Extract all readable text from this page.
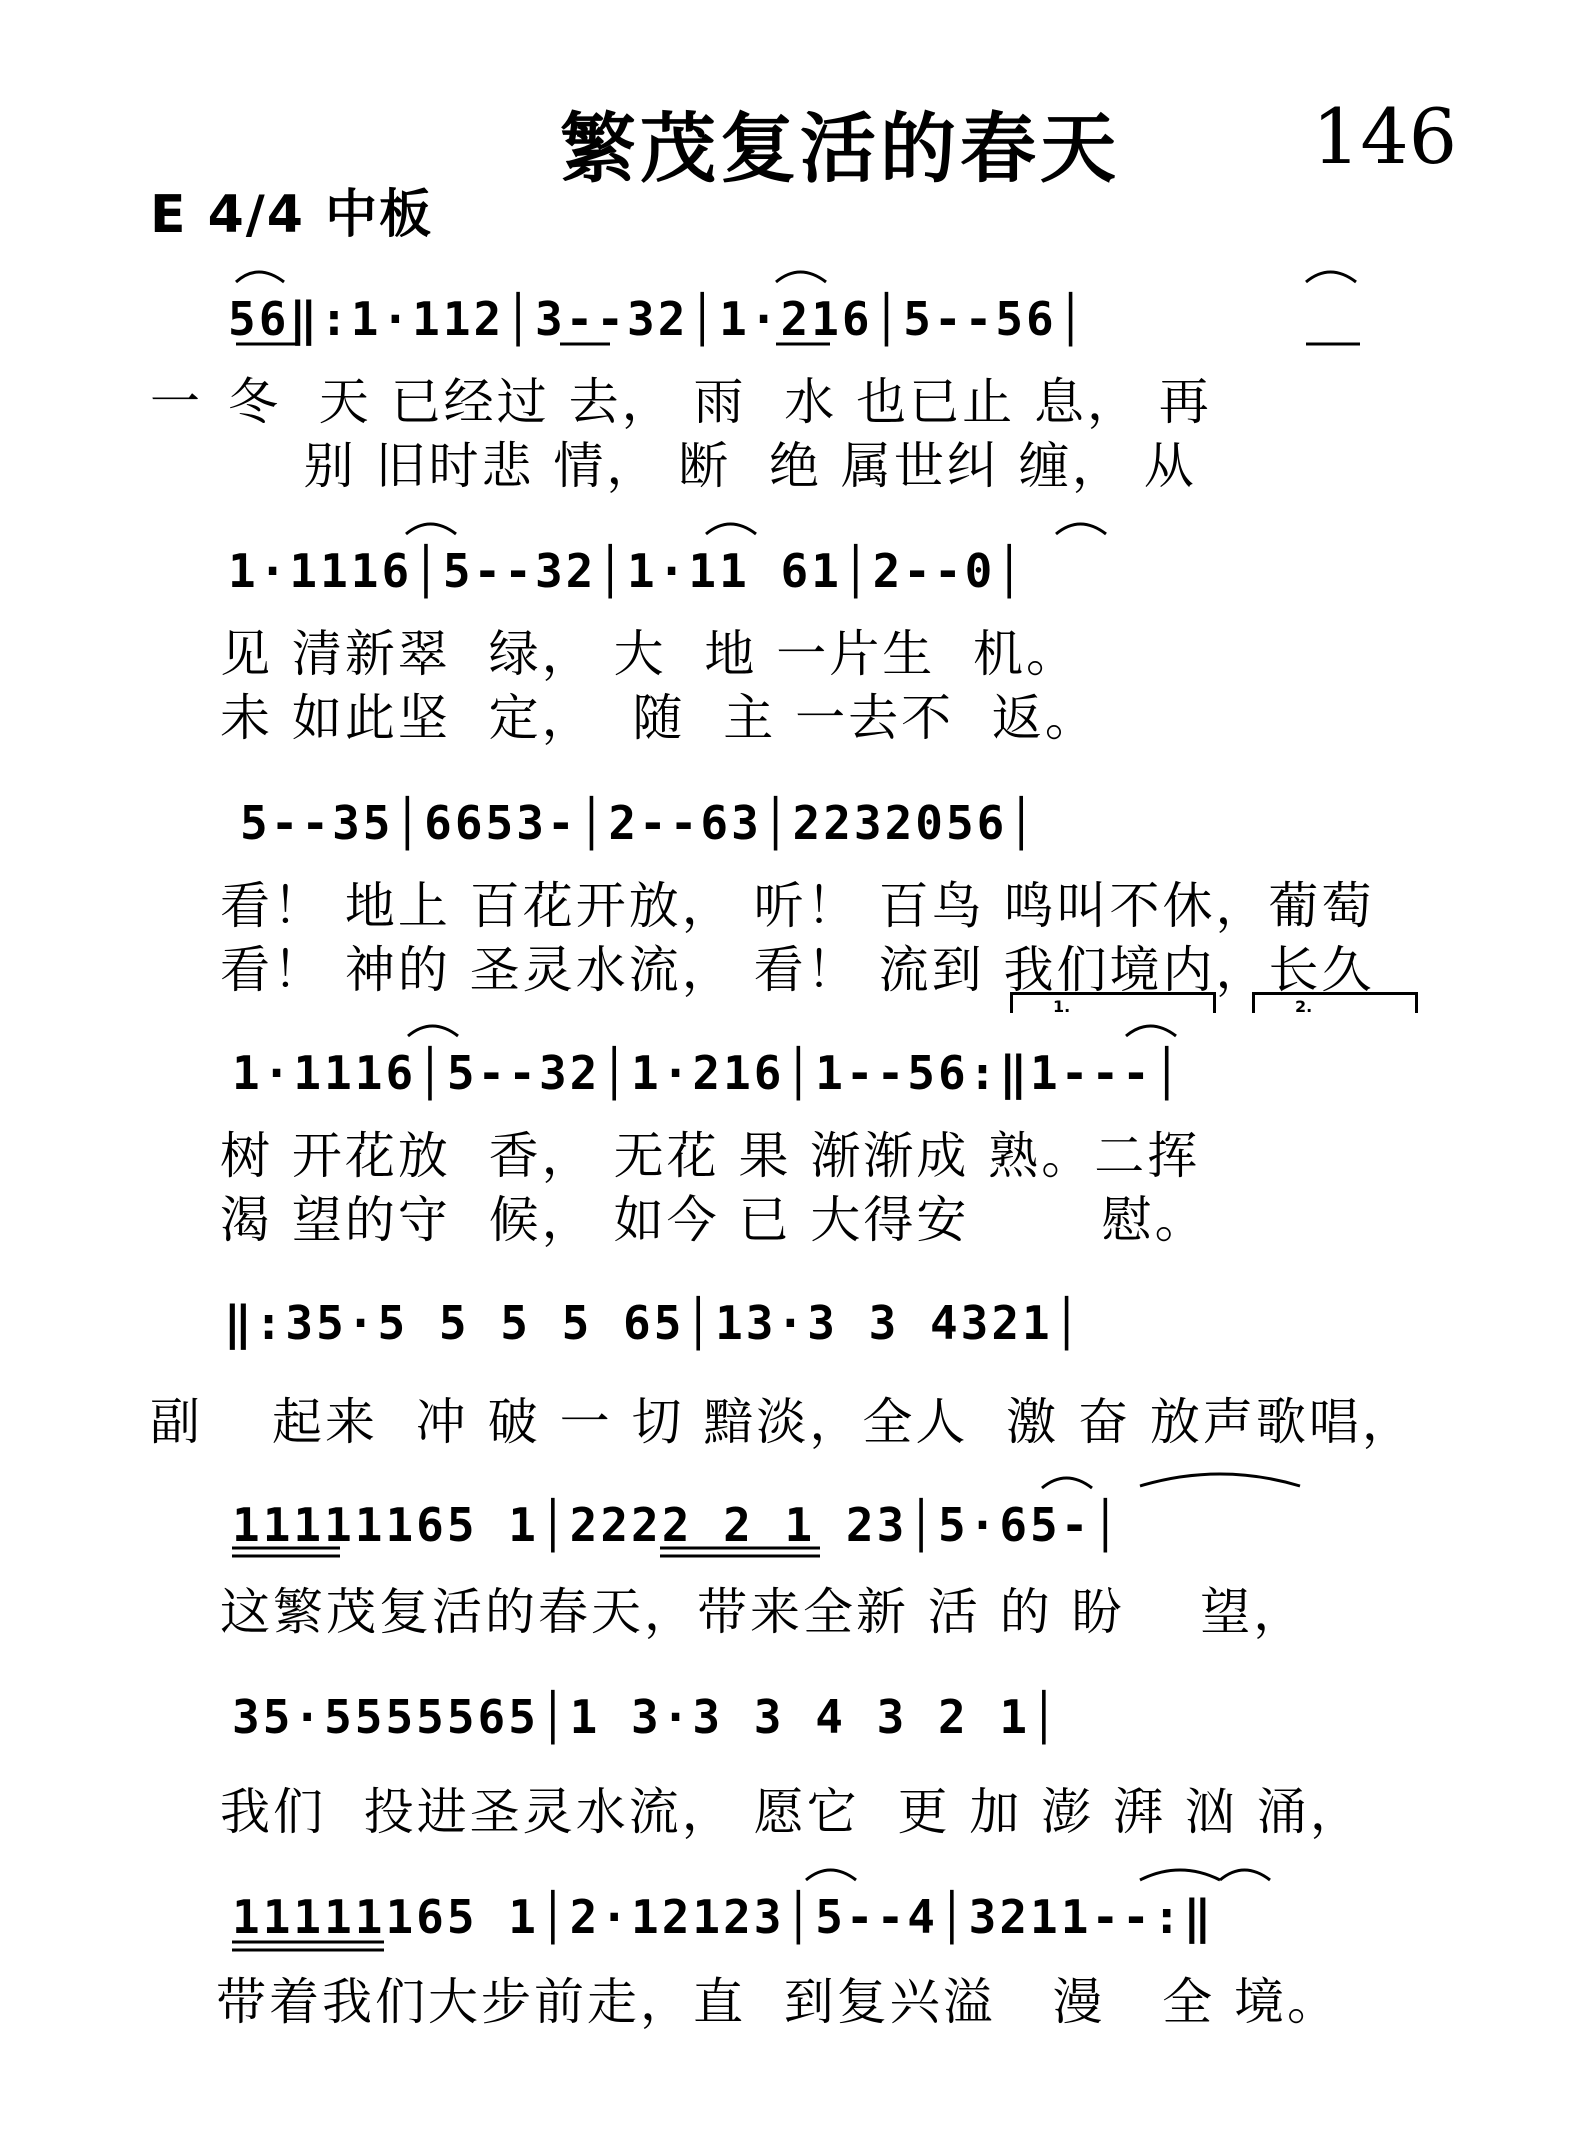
繁茂复活的春天	146
E 4/4 中板
56‖:1·112│3--32│1·216│5--56│
一 冬  天 已经过 去， 雨  水 也已止 息， 再
别 旧时悲 情， 断  绝 属世纠 缠， 从
1·1116│5--32│1·11 61│2--0│
见 清新翠  绿， 大  地 一片生  机。
未 如此坚  定，  随  主 一去不  返。
5--35│6653-│2--63│2232056│
看！ 地上 百花开放， 听！ 百鸟 鸣叫不休，葡萄
看！ 神的 圣灵水流， 看！ 流到 我们境内，长久
1.	2.
1·1116│5--32│1·216│1--56:‖1---│
树 开花放  香， 无花 果 渐渐成 熟。二挥
渴 望的守  候， 如今 已 大得安       慰。
‖:35·5 5 5 5 65│13·3 3 4321│
副 起来  冲 破 一 切 黯淡，全人  激 奋 放声歌唱，
11111165 1│2222 2 1 23│5·65-│
这繁茂复活的春天，带来全新 活 的 盼    望，
35·5555565│1 3·3 3 4 3 2 1│
我们  投进圣灵水流， 愿它  更 加 澎 湃 汹 涌，
11111165 1│2·12123│5--4│3211--:‖
带着我们大步前走，直  到复兴溢   漫   全 境。
